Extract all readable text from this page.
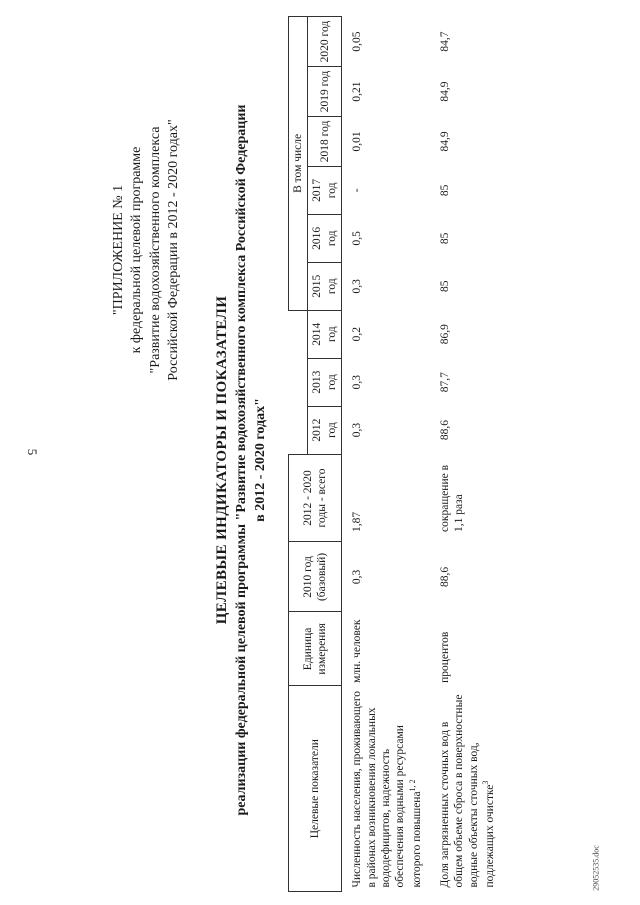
5
29052535.doc
"ПРИЛОЖЕНИЕ № 1 к федеральной целевой программе "Развитие водохозяйственного комплекса Российской Федерации в 2012 - 2020 годах"
ЦЕЛЕВЫЕ ИНДИКАТОРЫ И ПОКАЗАТЕЛИ реализации федеральной целевой программы "Развитие водохозяйственного комплекса Российской Федерации в 2012 - 2020 годах"
Целевые показатели	Единица измерения	2010 год (базовый)	2012 - 2020 годы - всего				В том числе					
				2012 год	2013 год	2014 год	2015 год	2016 год	2017 год	2018 год	2019 год	2020 год
Численность населения, проживающего в районах возникновения локальных вододефицитов, надежность обеспечения водными ресурсами которого повышена$^{1, 2}$	млн. человек	0,3	1,87	0,3	0,3	0,2	0,3	0,5	-	0,01	0,21	0,05
Доля загрязненных сточных вод в общем объеме сброса в поверхностные водные объекты сточных вод, подлежащих очистке$^3$	процентов	88,6	сокращение в 1,1 раза	88,6	87,7	86,9	85	85	85	84,9	84,9	84,7
